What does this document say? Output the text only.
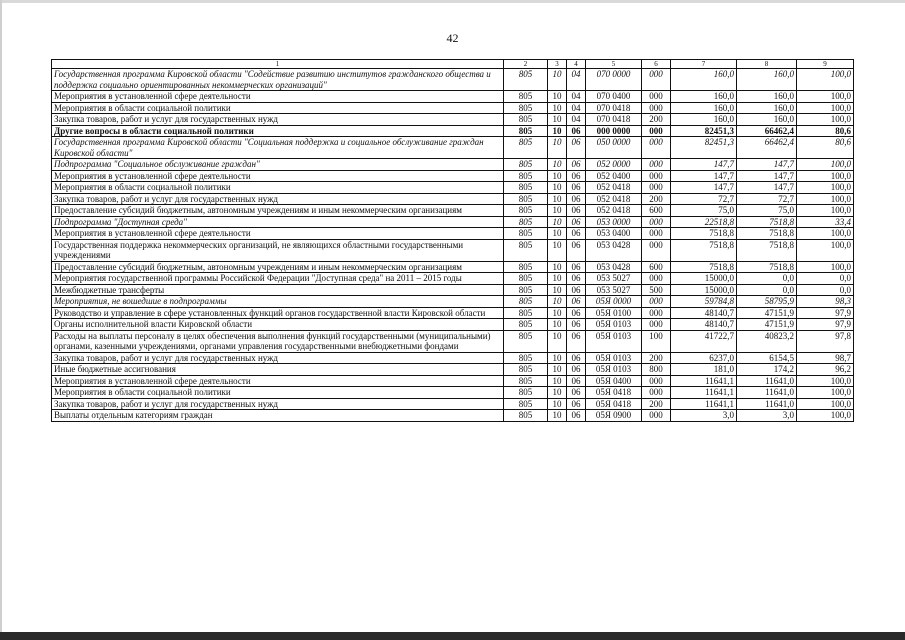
42
1	2	3	4	5	6	7	8	9
Государственная программа Кировской области "Содействие развитию институтов гражданского общества и поддержка социально ориентированных некоммерческих организаций"	805	10	04	070 0000	000	160,0	160,0	100,0
Мероприятия в установленной сфере деятельности	805	10	04	070 0400	000	160,0	160,0	100,0
Мероприятия в области социальной политики	805	10	04	070 0418	000	160,0	160,0	100,0
Закупка товаров, работ и услуг для государственных нужд	805	10	04	070 0418	200	160,0	160,0	100,0
Другие вопросы в области социальной политики	805	10	06	000 0000	000	82451,3	66462,4	80,6
Государственная программа Кировской области "Социальная поддержка и социальное обслуживание граждан Кировской области"	805	10	06	050 0000	000	82451,3	66462,4	80,6
Подпрограмма "Социальное обслуживание граждан"	805	10	06	052 0000	000	147,7	147,7	100,0
Мероприятия в установленной сфере деятельности	805	10	06	052 0400	000	147,7	147,7	100,0
Мероприятия в области социальной политики	805	10	06	052 0418	000	147,7	147,7	100,0
Закупка товаров, работ и услуг для государственных нужд	805	10	06	052 0418	200	72,7	72,7	100,0
Предоставление субсидий бюджетным, автономным учреждениям и иным некоммерческим организациям	805	10	06	052 0418	600	75,0	75,0	100,0
Подпрограмма "Доступная среда"	805	10	06	053 0000	000	22518,8	7518,8	33,4
Мероприятия в установленной сфере деятельности	805	10	06	053 0400	000	7518,8	7518,8	100,0
Государственная поддержка некоммерческих организаций, не являющихся областными государственными учреждениями	805	10	06	053 0428	000	7518,8	7518,8	100,0
Предоставление субсидий бюджетным, автономным учреждениям и иным некоммерческим организациям	805	10	06	053 0428	600	7518,8	7518,8	100,0
Мероприятия государственной программы Российской Федерации "Доступная среда" на 2011 – 2015 годы	805	10	06	053 5027	000	15000,0	0,0	0,0
Межбюджетные трансферты	805	10	06	053 5027	500	15000,0	0,0	0,0
Мероприятия, не вошедшие в подпрограммы	805	10	06	05Я 0000	000	59784,8	58795,9	98,3
Руководство и управление в сфере установленных функций органов государственной власти Кировской области	805	10	06	05Я 0100	000	48140,7	47151,9	97,9
Органы исполнительной власти Кировской области	805	10	06	05Я 0103	000	48140,7	47151,9	97,9
Расходы на выплаты персоналу в целях обеспечения выполнения функций государственными (муниципальными) органами, казенными учреждениями, органами управления государственными внебюджетными фондами	805	10	06	05Я 0103	100	41722,7	40823,2	97,8
Закупка товаров, работ и услуг для государственных нужд	805	10	06	05Я 0103	200	6237,0	6154,5	98,7
Иные бюджетные ассигнования	805	10	06	05Я 0103	800	181,0	174,2	96,2
Мероприятия в установленной сфере деятельности	805	10	06	05Я 0400	000	11641,1	11641,0	100,0
Мероприятия в области социальной политики	805	10	06	05Я 0418	000	11641,1	11641,0	100,0
Закупка товаров, работ и услуг для государственных нужд	805	10	06	05Я 0418	200	11641,1	11641,0	100,0
Выплаты отдельным категориям граждан	805	10	06	05Я 0900	000	3,0	3,0	100,0
